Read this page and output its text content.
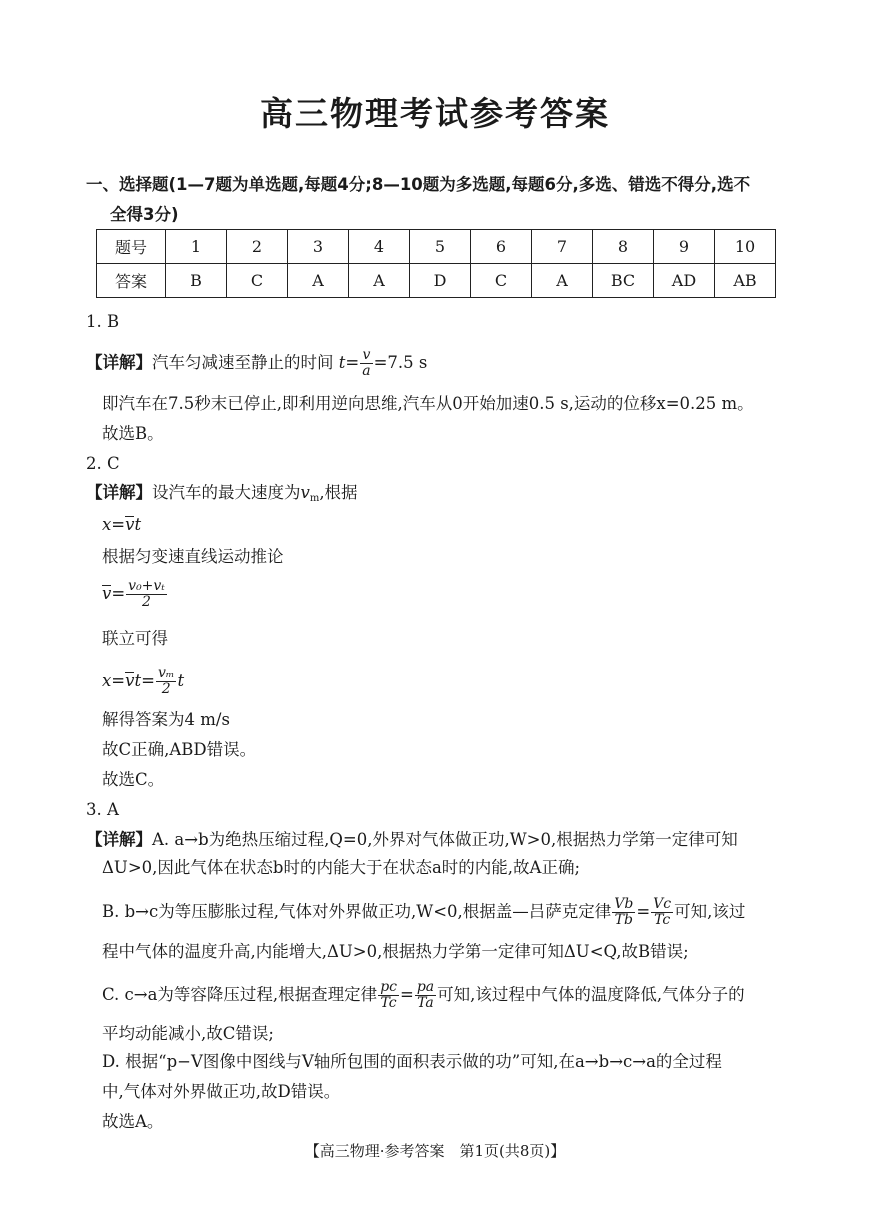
高三物理考试参考答案
一、选择题(1—7题为单选题,每题4分;8—10题为多选题,每题6分,多选、错选不得分,选不
全得3分)
题号	1	2	3	4	5	6	7	8	9	10
答案	B	C	A	A	D	C	A	BC	AD	AB
1. B
【详解】汽车匀减速至静止的时间 $t= \frac{v}{a} =7.5$ s
即汽车在7.5秒末已停止,即利用逆向思维,汽车从0开始加速0.5 s,运动的位移x=0.25 m。
故选B。
2. C
【详解】设汽车的最大速度为$v_m$,根据
x=vt
根据匀变速直线运动推论
$v= \frac{\text{v₀+vₜ}}{2}$
联立可得
$x=vt= \frac{\text{vₘ}}{2}$ t
解得答案为4 m/s
故C正确,ABD错误。
故选C。
3. A
【详解】A. a→b为绝热压缩过程,Q=0,外界对气体做正功,W>0,根据热力学第一定律可知
ΔU>0,因此气体在状态b时的内能大于在状态a时的内能,故A正确;
B. b→c为等压膨胀过程,气体对外界做正功,W<0,根据盖—吕萨克定律 $\frac{Vb}{Tb} = \frac{Vc}{Tc}$ 可知,该过
程中气体的温度升高,内能增大,ΔU>0,根据热力学第一定律可知ΔU<Q,故B错误;
C. c→a为等容降压过程,根据查理定律 $\frac{pc}{Tc} = \frac{pa}{Ta}$ 可知,该过程中气体的温度降低,气体分子的
平均动能减小,故C错误;
D. 根据“p−V图像中图线与V轴所包围的面积表示做的功”可知,在a→b→c→a的全过程
中,气体对外界做正功,故D错误。
故选A。
【高三物理·参考答案　第1页(共8页)】
